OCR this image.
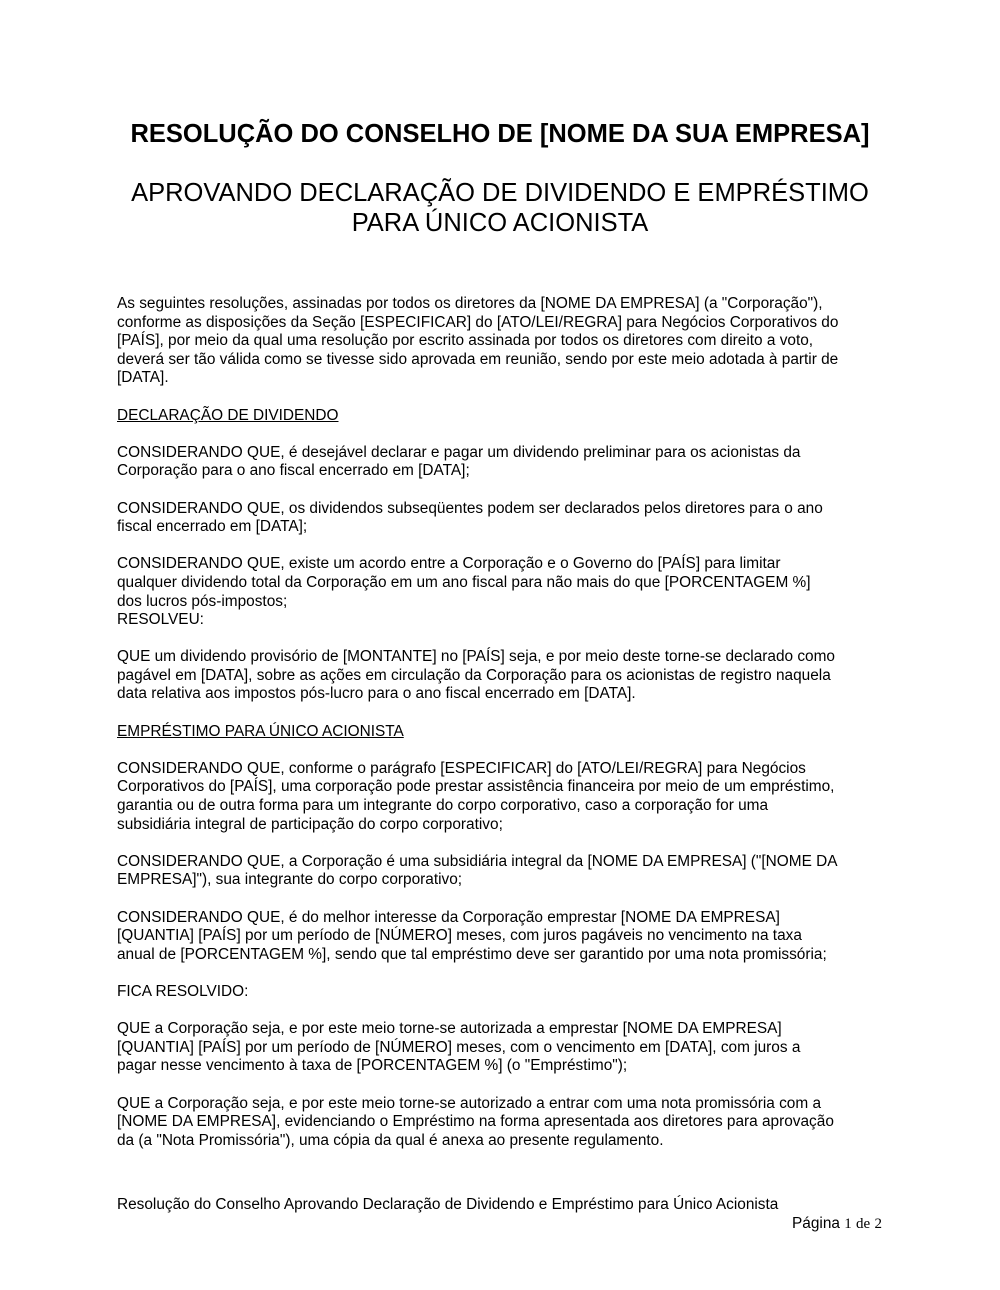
RESOLUÇÃO DO CONSELHO DE [NOME DA SUA EMPRESA]
APROVANDO DECLARAÇÃO DE DIVIDENDO E EMPRÉSTIMO
PARA ÚNICO ACIONISTA

As seguintes resoluções, assinadas por todos os diretores da [NOME DA EMPRESA] (a "Corporação"),
conforme as disposições da Seção [ESPECIFICAR] do [ATO/LEI/REGRA] para Negócios Corporativos do
[PAÍS], por meio da qual uma resolução por escrito assinada por todos os diretores com direito a voto,
deverá ser tão válida como se tivesse sido aprovada em reunião, sendo por este meio adotada à partir de
[DATA].

DECLARAÇÃO DE DIVIDENDO

CONSIDERANDO QUE, é desejável declarar e pagar um dividendo preliminar para os acionistas da
Corporação para o ano fiscal encerrado em [DATA];

CONSIDERANDO QUE, os dividendos subseqüentes podem ser declarados pelos diretores para o ano
fiscal encerrado em [DATA];

CONSIDERANDO QUE, existe um acordo entre a Corporação e o Governo do [PAÍS] para limitar
qualquer dividendo total da Corporação em um ano fiscal para não mais do que [PORCENTAGEM %]
dos lucros pós-impostos;
RESOLVEU:

QUE um dividendo provisório de [MONTANTE] no [PAÍS] seja, e por meio deste torne-se declarado como
pagável em [DATA], sobre as ações em circulação da Corporação para os acionistas de registro naquela
data relativa aos impostos pós-lucro para o ano fiscal encerrado em [DATA].

EMPRÉSTIMO PARA ÚNICO ACIONISTA

CONSIDERANDO QUE, conforme o parágrafo [ESPECIFICAR] do [ATO/LEI/REGRA] para Negócios
Corporativos do [PAÍS], uma corporação pode prestar assistência financeira por meio de um empréstimo,
garantia ou de outra forma para um integrante do corpo corporativo, caso a corporação for uma
subsidiária integral de participação do corpo corporativo;

CONSIDERANDO QUE, a Corporação é uma subsidiária integral da [NOME DA EMPRESA] ("[NOME DA
EMPRESA]"), sua integrante do corpo corporativo;

CONSIDERANDO QUE, é do melhor interesse da Corporação emprestar [NOME DA EMPRESA]
[QUANTIA] [PAÍS] por um período de [NÚMERO] meses, com juros pagáveis no vencimento na taxa
anual de [PORCENTAGEM %], sendo que tal empréstimo deve ser garantido por uma nota promissória;

FICA RESOLVIDO:

QUE a Corporação seja, e por este meio torne-se autorizada a emprestar [NOME DA EMPRESA]
[QUANTIA] [PAÍS] por um período de [NÚMERO] meses, com o vencimento em [DATA], com juros a
pagar nesse vencimento à taxa de [PORCENTAGEM %] (o "Empréstimo");

QUE a Corporação seja, e por este meio torne-se autorizado a entrar com uma nota promissória com a
[NOME DA EMPRESA], evidenciando o Empréstimo na forma apresentada aos diretores para aprovação
da (a "Nota Promissória"), uma cópia da qual é anexa ao presente regulamento.

Resolução do Conselho Aprovando Declaração de Dividendo e Empréstimo para Único Acionista
Página 1 de 2
